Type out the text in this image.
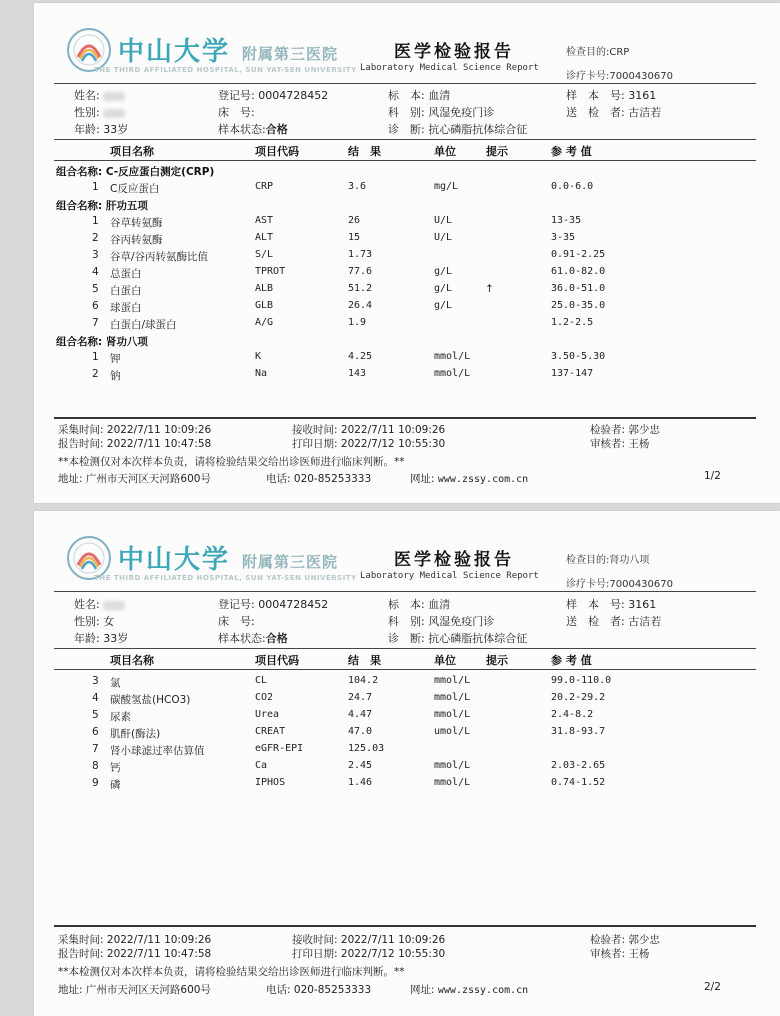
中山大学 附属第三医院
THE THIRD AFFILIATED HOSPITAL, SUN YAT-SEN UNIVERSITY
医学检验报告
Laboratory Medical Science Report
检查目的:CRP
诊疗卡号:7000430670
姓名:
性别:
年龄: 33岁
登记号: 0004728452
床　号:
样本状态:合格
标　本: 血清
科　别: 风湿免疫门诊
诊　断: 抗心磷脂抗体综合征
样　本　号: 3161
送　检　者: 古洁若
项目名称	项目代码	结　果	单位	提示	参 考 值
组合名称: C-反应蛋白测定(CRP)
1 C反应蛋白	CRP	3.6	mg/L	0.0-6.0
组合名称: 肝功五项
1 谷草转氨酶	AST	26	U/L	13-35
2 谷丙转氨酶	ALT	15	U/L	3-35
3 谷草/谷丙转氨酶比值	S/L	1.73	0.91-2.25
4 总蛋白	TPROT	77.6	g/L	61.0-82.0
5 白蛋白	ALB	51.2	g/L	↑	36.0-51.0
6 球蛋白	GLB	26.4	g/L	25.0-35.0
7 白蛋白/球蛋白	A/G	1.9	1.2-2.5
组合名称: 肾功八项
1 钾	K	4.25	mmol/L	3.50-5.30
2 钠	Na	143	mmol/L	137-147
采集时间: 2022/7/11 10:09:26
报告时间: 2022/7/11 10:47:58
接收时间: 2022/7/11 10:09:26
打印日期: 2022/7/12 10:55:30
检验者: 郭少忠
审核者: 王杨
**本检测仅对本次样本负责，请将检验结果交给出诊医师进行临床判断。**
地址: 广州市天河区天河路600号	电话: 020-85253333	网址: www.zssy.com.cn	1/2
中山大学 附属第三医院
THE THIRD AFFILIATED HOSPITAL, SUN YAT-SEN UNIVERSITY
医学检验报告
Laboratory Medical Science Report
检查目的:肾功八项
诊疗卡号:7000430670
姓名:
性别: 女
年龄: 33岁
登记号: 0004728452
床　号:
样本状态:合格
标　本: 血清
科　别: 风湿免疫门诊
诊　断: 抗心磷脂抗体综合征
样　本　号: 3161
送　检　者: 古洁若
项目名称	项目代码	结　果	单位	提示	参 考 值
3 氯	CL	104.2	mmol/L	99.0-110.0
4 碳酸氢盐(HCO3)	CO2	24.7	mmol/L	20.2-29.2
5 尿素	Urea	4.47	mmol/L	2.4-8.2
6 肌酐(酶法)	CREAT	47.0	umol/L	31.8-93.7
7 肾小球滤过率估算值	eGFR-EPI	125.03
8 钙	Ca	2.45	mmol/L	2.03-2.65
9 磷	IPHOS	1.46	mmol/L	0.74-1.52
采集时间: 2022/7/11 10:09:26
报告时间: 2022/7/11 10:47:58
接收时间: 2022/7/11 10:09:26
打印日期: 2022/7/12 10:55:30
检验者: 郭少忠
审核者: 王杨
**本检测仅对本次样本负责，请将检验结果交给出诊医师进行临床判断。**
地址: 广州市天河区天河路600号	电话: 020-85253333	网址: www.zssy.com.cn	2/2
